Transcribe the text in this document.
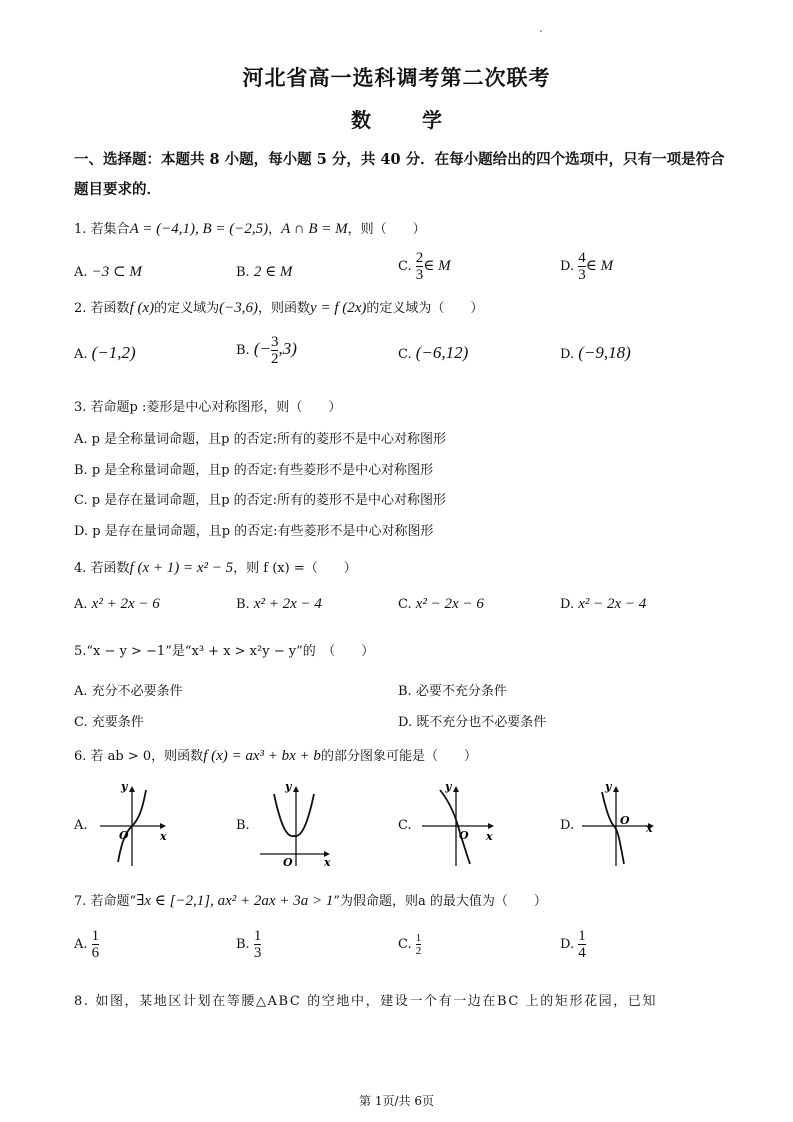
河北省高一选科调考第二次联考
数 学
一、选择题：本题共 8 小题，每小题 5 分，共 40 分．在每小题给出的四个选项中，只有一项是符合题目要求的．
1. 若集合A = (−4,1), B = (−2,5)，A ∩ B = M，则（　　）
A. −3 ⊂ M	B. 2 ∈ M	C. $\frac{2}{3}$ ∈ M	D. $\frac{4}{3}$ ∈ M
2. 若函数f (x)的定义域为(−3,6)，则函数y = f (2x)的定义域为（　　）
A. (−1,2)	B. (− $\frac{3}{2} ,3$)	C. (−6,12)	D. (−9,18)
3. 若命题p :菱形是中心对称图形，则（　　）
A. p 是全称量词命题，且p 的否定:所有的菱形不是中心对称图形
B. p 是全称量词命题，且p 的否定:有些菱形不是中心对称图形
C. p 是存在量词命题，且p 的否定:所有的菱形不是中心对称图形
D. p 是存在量词命题，且p 的否定:有些菱形不是中心对称图形
4. 若函数f (x + 1) = x² − 5，则 f (x) =（　　）
A. x² + 2x − 6	B. x² + 2x − 4	C. x² − 2x − 6	D. x² − 2x − 4
5.“x − y > −1”是“x³ + x > x²y − y”的　（　　）
A. 充分不必要条件	B. 必要不充分条件
C. 充要条件	D. 既不充分也不必要条件
6. 若 ab > 0，则函数f (x) = ax³ + bx + b的部分图象可能是（　　）
A.
y
x
O
B.
y
x
O
C.
y
x
O
D.
y
x
O
7. 若命题“∃x ∈ [−2,1], ax² + 2ax + 3a > 1”为假命题，则a 的最大值为（　　）
A. $\frac{1}{6}$	B. $\frac{1}{3}$	C. $\frac{1}{2}$	D. $\frac{1}{4}$
8. 如图，某地区计划在等腰△ABC 的空地中，建设一个有一边在BC 上的矩形花园，已知
第 1页/共 6页
